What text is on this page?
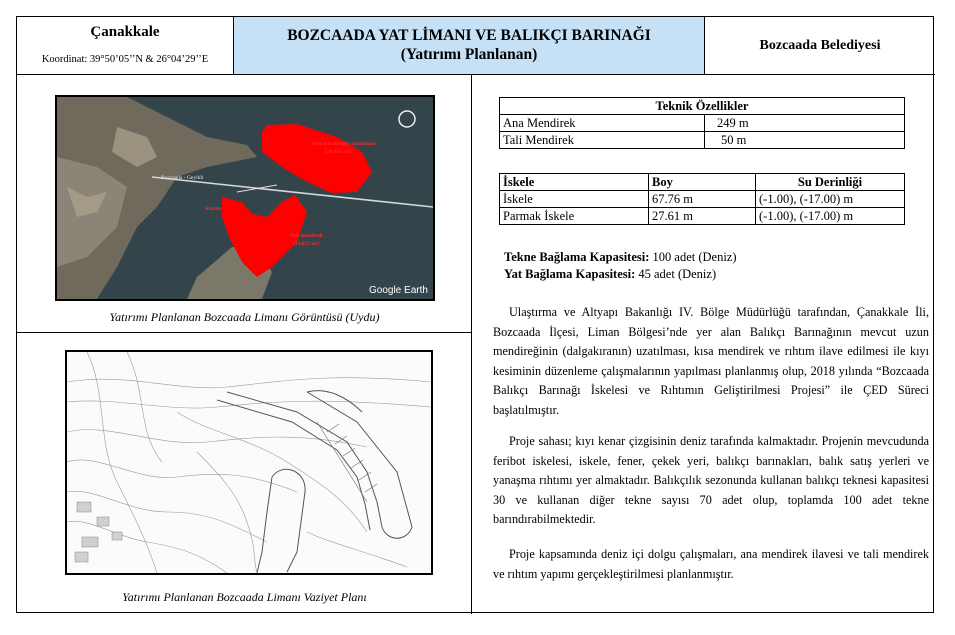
Çanakkale
Koordinat: 39°50’05’’N & 26°04’29’’E
BOZCAADA YAT LİMANI VE BALIKÇI BARINAĞI
(Yatırımı Planlanan)
Bozcaada Belediyesi
Ana mendireğin uzatılması
(20.456 m²)
Tali mendirek
(33.852 m²)
Rıhtım
Bozcaada - Geyikli
Google Earth
Yatırımı Planlanan Bozcaada Limanı Görüntüsü (Uydu)
Yatırımı Planlanan Bozcaada Limanı Vaziyet Planı
Teknik Özellikler	
Ana Mendirek	249 m
Tali Mendirek	50 m
İskele	Boy	Su Derinliği
İskele	67.76 m	(-1.00), (-17.00) m
Parmak İskele	27.61 m	(-1.00), (-17.00) m
Tekne Bağlama Kapasitesi: 100 adet (Deniz)
Yat Bağlama Kapasitesi: 45 adet (Deniz)
Ulaştırma ve Altyapı Bakanlığı IV. Bölge Müdürlüğü tarafından, Çanakkale İli, Bozcaada İlçesi, Liman Bölgesi’nde yer alan Balıkçı Barınağının mevcut uzun mendireğinin (dalgakıranın) uzatılması, kısa mendirek ve rıhtım ilave edilmesi ile kıyı kesiminin düzenleme çalışmalarının yapılması planlanmış olup, 2018 yılında “Bozcaada Balıkçı Barınağı İskelesi ve Rıhtımın Geliştirilmesi Projesi” ile ÇED Süreci başlatılmıştır.
Proje sahası; kıyı kenar çizgisinin deniz tarafında kalmaktadır. Projenin mevcudunda feribot iskelesi, iskele, fener, çekek yeri, balıkçı barınakları, balık satış yerleri ve yanaşma rıhtımı yer almaktadır. Balıkçılık sezonunda kullanan balıkçı teknesi kapasitesi 30 ve kullanan diğer tekne sayısı 70 adet olup, toplamda 100 adet tekne barındırabilmektedir.
Proje kapsamında deniz içi dolgu çalışmaları, ana mendirek ilavesi ve tali mendirek ve rıhtım yapımı gerçekleştirilmesi planlanmıştır.
